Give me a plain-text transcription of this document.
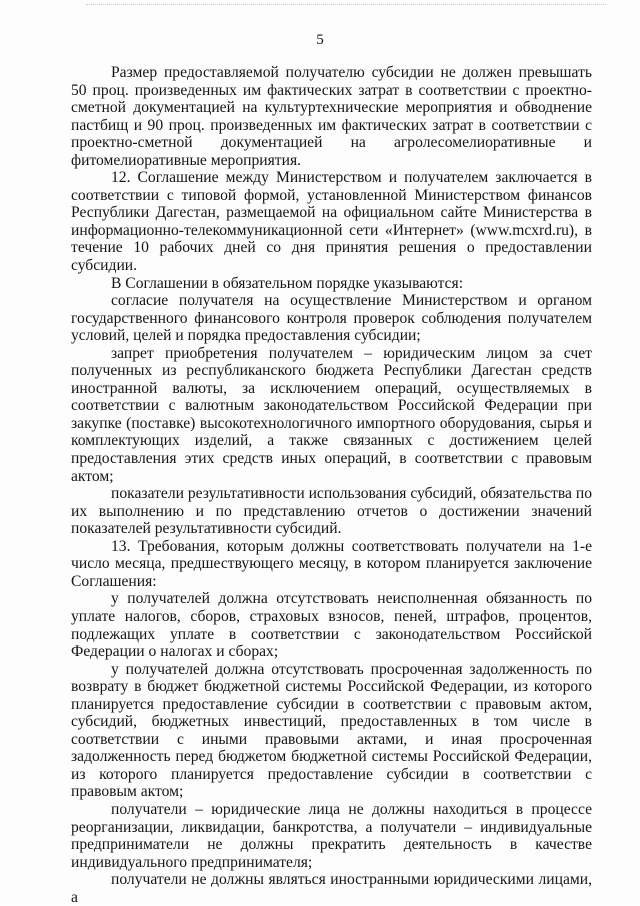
5

Размер предоставляемой получателю субсидии не должен превышать 50 проц. произведенных им фактических затрат в соответствии с проектно-сметной документацией на культуртехнические мероприятия и обводнение пастбищ и 90 проц. произведенных им фактических затрат в соответствии с проектно-сметной документацией на агролесомелиоративные и фитомелиоративные мероприятия.

12. Соглашение между Министерством и получателем заключается в соответствии с типовой формой, установленной Министерством финансов Республики Дагестан, размещаемой на официальном сайте Министерства в информационно-телекоммуникационной сети «Интернет» (www.mcxrd.ru), в течение 10 рабочих дней со дня принятия решения о предоставлении субсидии.

В Соглашении в обязательном порядке указываются:

согласие получателя на осуществление Министерством и органом государственного финансового контроля проверок соблюдения получателем условий, целей и порядка предоставления субсидии;

запрет приобретения получателем – юридическим лицом за счет полученных из республиканского бюджета Республики Дагестан средств иностранной валюты, за исключением операций, осуществляемых в соответствии с валютным законодательством Российской Федерации при закупке (поставке) высокотехнологичного импортного оборудования, сырья и комплектующих изделий, а также связанных с достижением целей предоставления этих средств иных операций, в соответствии с правовым актом;

показатели результативности использования субсидий, обязательства по их выполнению и по представлению отчетов о достижении значений показателей результативности субсидий.

13. Требования, которым должны соответствовать получатели на 1-е число месяца, предшествующего месяцу, в котором планируется заключение Соглашения:

у получателей должна отсутствовать неисполненная обязанность по уплате налогов, сборов, страховых взносов, пеней, штрафов, процентов, подлежащих уплате в соответствии с законодательством Российской Федерации о налогах и сборах;

у получателей должна отсутствовать просроченная задолженность по возврату в бюджет бюджетной системы Российской Федерации, из которого планируется предоставление субсидии в соответствии с правовым актом, субсидий, бюджетных инвестиций, предоставленных в том числе в соответствии с иными правовыми актами, и иная просроченная задолженность перед бюджетом бюджетной системы Российской Федерации, из которого планируется предоставление субсидии в соответствии с правовым актом;

получатели – юридические лица не должны находиться в процессе реорганизации, ликвидации, банкротства, а получатели – индивидуальные предприниматели не должны прекратить деятельность в качестве индивидуального предпринимателя;

получатели не должны являться иностранными юридическими лицами, а
